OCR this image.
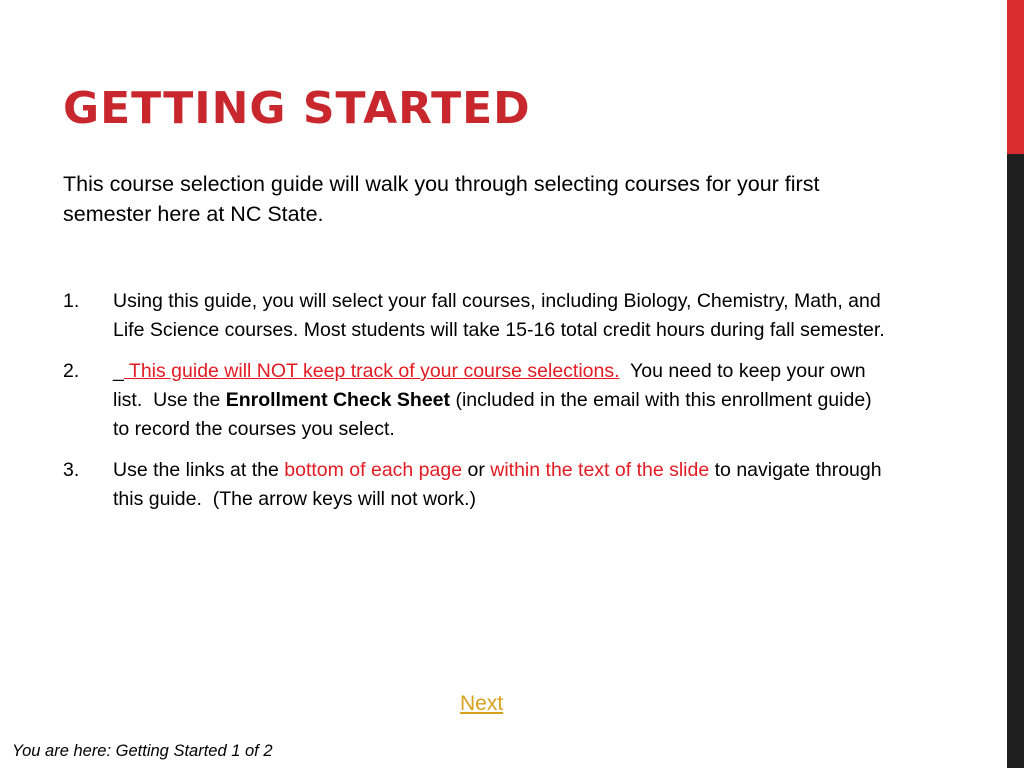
GETTING STARTED

This course selection guide will walk you through selecting courses for your first semester here at NC State.

1. Using this guide, you will select your fall courses, including Biology, Chemistry, Math, and Life Science courses. Most students will take 15-16 total credit hours during fall semester.
2. _ This guide will NOT keep track of your course selections.  You need to keep your own list.  Use the Enrollment Check Sheet (included in the email with this enrollment guide) to record the courses you select.
3. Use the links at the bottom of each page or within the text of the slide to navigate through this guide.  (The arrow keys will not work.)
Next
You are here: Getting Started 1 of 2
